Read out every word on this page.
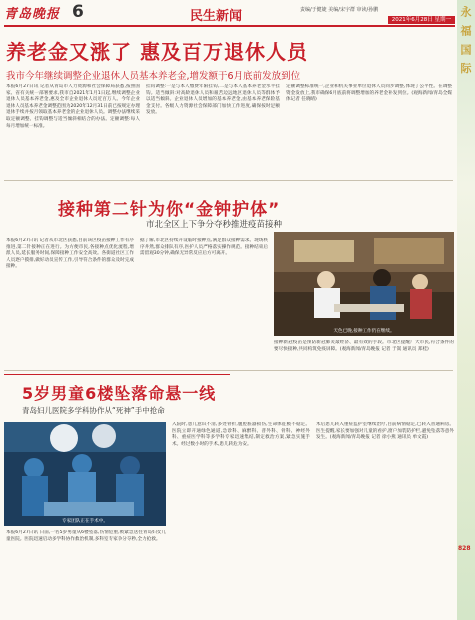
青岛晚报 6	民生新闻	责编/于健婕 美编/宋宇群 审读/孙鹏
2021年6月28日 星期一
养老金又涨了 惠及百万退休人员
我市今年继续调整企业退休人员基本养老金,增发额于6月底前发放到位
本报6月27日讯 记者从青岛市人力资源和社会保障局获悉,按照国家、省有关统一部署要求,我市自2021年1月1日起,继续调整企业退休人员基本养老金,惠及全市企业退休人员近百万人。今年企业退休人员基本养老金调整范围为2020年12月31日前已按规定办理退休手续并按月领取基本养老金的企业退休人员。调整办法继续采取定额调整、挂钩调整与适当倾斜相结合的办法。定额调整:每人每月增加统一标准。
挂钩调整:一是与本人缴费年限挂钩,二是与本人基本养老金水平挂钩。适当倾斜:对高龄退休人员和艰苦边远地区退休人员等群体予以适当倾斜。企业退休人员增加的基本养老金,由基本养老保险基金支付。各级人力资源社会保障部门加快工作进度,确保按时足额发放。
定额调整标准统一,企业和机关事业单位退休人员同步调整,体现了公平性。在调整资金发放上,我市确保6月底前将调整增加的养老金补发到位。(观海新闻/青岛全媒体记者 任晓晴)
接种第二针为你“金钟护体”
市北全区上下争分夺秒推进疫苗接种
本报6月27日讯 记者从市北区获悉,目前该区疫苗接种工作有序推进,第二针接种正在进行。为方便市民,各接种点优化流程,增派人员,延长服务时间,保障接种工作安全高效。各街道社区工作人员逐户摸排,做好动员宣传工作,引导符合条件的群众及时完成接种。
据了解,市北区持续开设临时接种点,满足群众接种需求。现场秩序井然,群众排队有序,医护人员严格落实操作规范。接种结束后需留观30分钟,确保无异常反应后方可离开。
天色已晚,接种工作仍在继续。
接种新冠疫苗是预防新冠肺炎最经济、最有效的手段。市北区提醒广大市民,符合条件的要尽快接种,共同构筑免疫屏障。(观海新闻/青岛晚报 记者 于嵩 通讯员 郑桂)
5岁男童6楼坠落命悬一线
青岛妇儿医院多学科协作从“死神”手中抢命
专家团队正在手术中。
本报6月27日讯 日前,一名5岁男童从6楼坠落,伤情危重,被紧急送往青岛妇女儿童医院。医院迅速启动多学科协作救治机制,多科室专家争分夺秒,全力抢救。
入院时,患儿意识不清,多处骨折,腹腔脏器损伤,生命体征极不稳定。医院立即开通绿色通道,急诊科、麻醉科、普外科、骨科、神经外科、重症医学科等多学科专家迅速集结,制定救治方案,紧急实施手术。经过数小时的手术,患儿转危为安。
术后患儿转入重症监护室继续治疗,目前病情稳定,已转入普通病房。医生提醒,家长要加强对儿童的看护,窗户加装防护栏,避免坠落等意外发生。(观海新闻/青岛晚报 记者 徐小燕 通讯员 单文霞)
永 福 国 际
828
